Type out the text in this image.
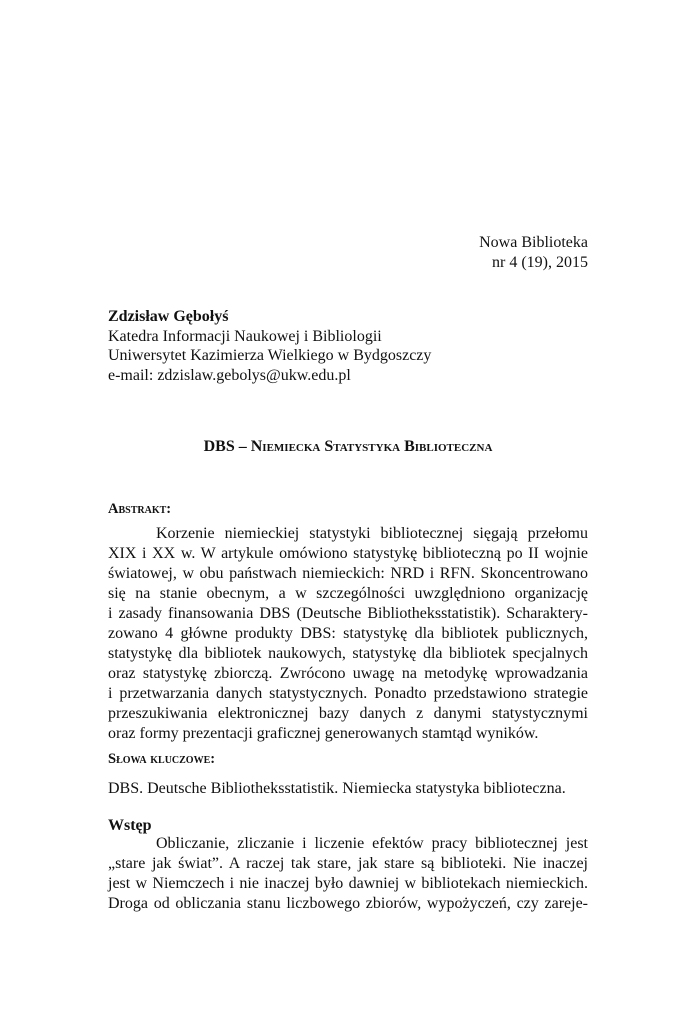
Nowa Biblioteka
nr 4 (19), 2015
Zdzisław Gębołyś
Katedra Informacji Naukowej i Bibliologii
Uniwersytet Kazimierza Wielkiego w Bydgoszczy
e-mail: zdzislaw.gebolys@ukw.edu.pl
DBS – Niemiecka Statystyka Biblioteczna
Abstrakt:
Korzenie niemieckiej statystyki bibliotecznej sięgają przełomu
XIX i XX w. W artykule omówiono statystykę biblioteczną po II wojnie
światowej, w obu państwach niemieckich: NRD i RFN. Skoncentrowano
się na stanie obecnym, a w szczególności uwzględniono organizację
i zasady finansowania DBS (Deutsche Bibliotheksstatistik). Scharaktery-
zowano 4 główne produkty DBS: statystykę dla bibliotek publicznych,
statystykę dla bibliotek naukowych, statystykę dla bibliotek specjalnych
oraz statystykę zbiorczą. Zwrócono uwagę na metodykę wprowadzania
i przetwarzania danych statystycznych. Ponadto przedstawiono strategie
przeszukiwania elektronicznej bazy danych z danymi statystycznymi
oraz formy prezentacji graficznej generowanych stamtąd wyników.
Słowa kluczowe:
DBS. Deutsche Bibliotheksstatistik. Niemiecka statystyka biblioteczna.
Wstęp
Obliczanie, zliczanie i liczenie efektów pracy bibliotecznej jest
„stare jak świat”. A raczej tak stare, jak stare są biblioteki. Nie inaczej
jest w Niemczech i nie inaczej było dawniej w bibliotekach niemieckich.
Droga od obliczania stanu liczbowego zbiorów, wypożyczeń, czy zareje-
